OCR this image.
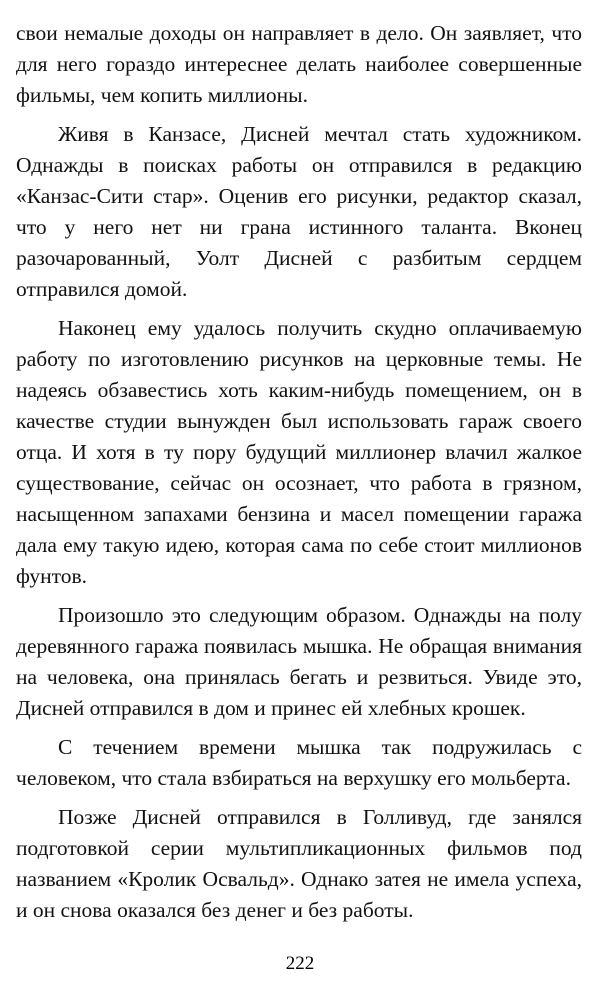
свои немалые доходы он направляет в дело. Он заявляет, что для него гораздо интереснее делать наиболее совершенные фильмы, чем копить миллионы.

Живя в Канзасе, Дисней мечтал стать художником. Однажды в поисках работы он отправился в редакцию «Канзас-Сити стар». Оценив его рисунки, редактор сказал, что у него нет ни грана истинного таланта. Вконец разочарованный, Уолт Дисней с разбитым сердцем отправился домой.

Наконец ему удалось получить скудно оплачиваемую работу по изготовлению рисунков на церковные темы. Не надеясь обзавестись хоть каким-нибудь помещением, он в качестве студии вынужден был использовать гараж своего отца. И хотя в ту пору будущий миллионер влачил жалкое существование, сейчас он осознает, что работа в грязном, насыщенном запахами бензина и масел помещении гаража дала ему такую идею, которая сама по себе стоит миллионов фунтов.

Произошло это следующим образом. Однажды на полу деревянного гаража появилась мышка. Не обращая внимания на человека, она принялась бегать и резвиться. Увиде это, Дисней отправился в дом и принес ей хлебных крошек.

С течением времени мышка так подружилась с человеком, что стала взбираться на верхушку его мольберта.

Позже Дисней отправился в Голливуд, где занялся подготовкой серии мультипликационных фильмов под названием «Кролик Освальд». Однако затея не имела успеха, и он снова оказался без денег и без работы.

222
